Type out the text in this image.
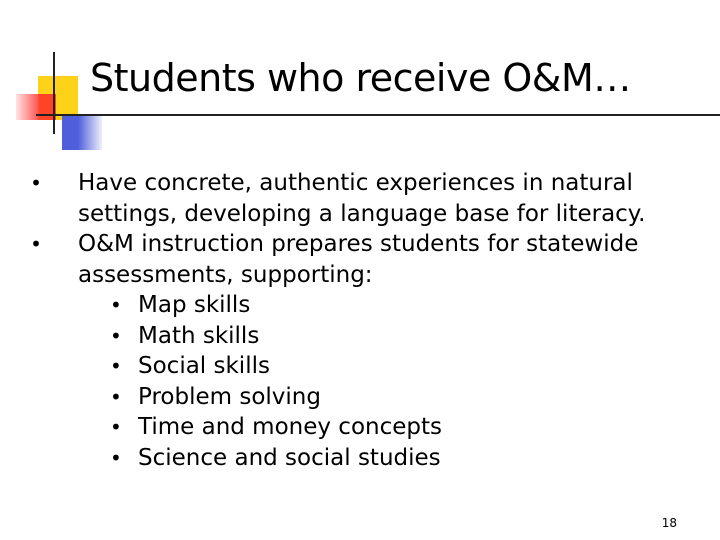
Students who receive O&M…
• Have concrete, authentic experiences in natural settings, developing a language base for literacy.
• O&M instruction prepares students for statewide assessments, supporting:
• Map skills
• Math skills
• Social skills
• Problem solving
• Time and money concepts
• Science and social studies
18
